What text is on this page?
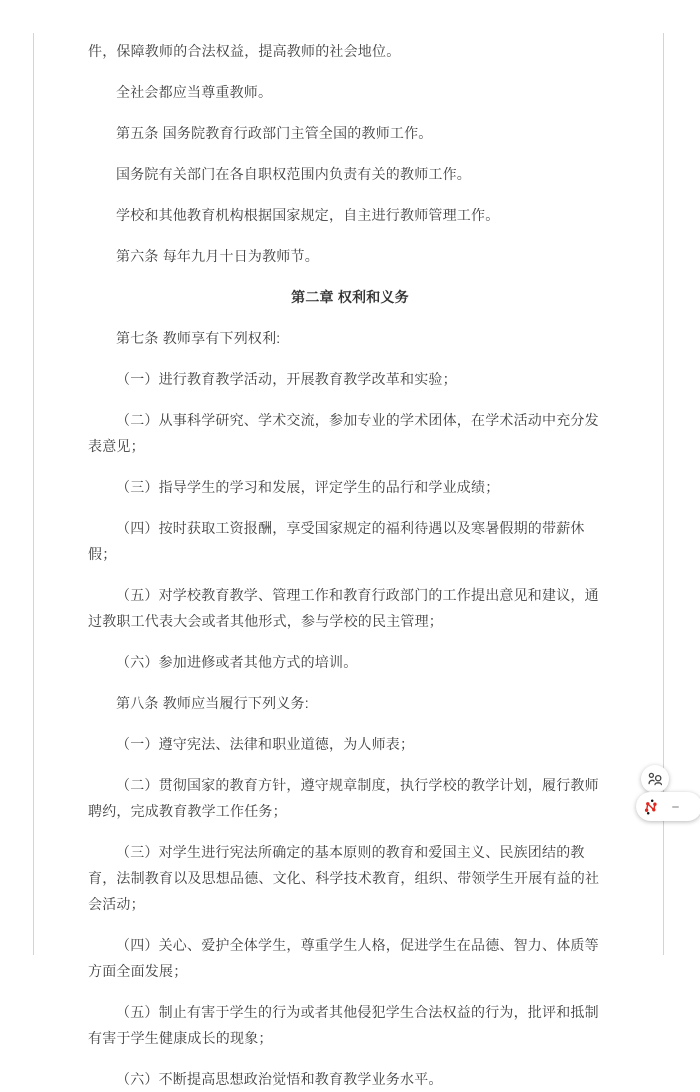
件，保障教师的合法权益，提高教师的社会地位。

全社会都应当尊重教师。

第五条 国务院教育行政部门主管全国的教师工作。

国务院有关部门在各自职权范围内负责有关的教师工作。

学校和其他教育机构根据国家规定，自主进行教师管理工作。

第六条 每年九月十日为教师节。

第二章 权利和义务

第七条 教师享有下列权利:

（一）进行教育教学活动，开展教育教学改革和实验；

（二）从事科学研究、学术交流，参加专业的学术团体，在学术活动中充分发表意见；

（三）指导学生的学习和发展，评定学生的品行和学业成绩；

（四）按时获取工资报酬，享受国家规定的福利待遇以及寒暑假期的带薪休假；

（五）对学校教育教学、管理工作和教育行政部门的工作提出意见和建议，通过教职工代表大会或者其他形式，参与学校的民主管理；

（六）参加进修或者其他方式的培训。

第八条 教师应当履行下列义务:

（一）遵守宪法、法律和职业道德，为人师表；

（二）贯彻国家的教育方针，遵守规章制度，执行学校的教学计划，履行教师聘约，完成教育教学工作任务；

（三）对学生进行宪法所确定的基本原则的教育和爱国主义、民族团结的教育，法制教育以及思想品德、文化、科学技术教育，组织、带领学生开展有益的社会活动；

（四）关心、爱护全体学生，尊重学生人格，促进学生在品德、智力、体质等方面全面发展；

（五）制止有害于学生的行为或者其他侵犯学生合法权益的行为，批评和抵制有害于学生健康成长的现象；

（六）不断提高思想政治觉悟和教育教学业务水平。
